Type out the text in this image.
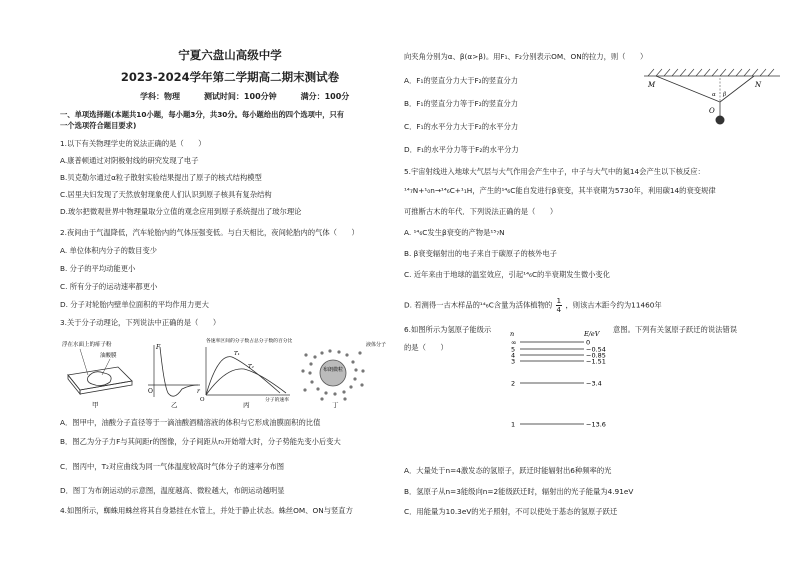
宁夏六盘山高级中学
2023-2024学年第二学期高二期末测试卷
学科：物理	测试时间：100分钟	满分：100分
一、单项选择题(本题共10小题，每小题3分，共30分。每小题给出的四个选项中，只有
一个选项符合题目要求)
1.以下有关物理学史的说法正确的是（　　）
A.康普顿通过对阴极射线的研究发现了电子
B.贝克勒尔通过α粒子散射实验结果提出了原子的核式结构模型
C.居里夫妇发现了天然放射现象使人们认识到原子核具有复杂结构
D.玻尔把微观世界中物理量取分立值的观念应用到原子系统提出了玻尔理论
2.夜间由于气温降低，汽车轮胎内的气体压强变低。与白天相比，夜间轮胎内的气体（　　）
A. 单位体积内分子的数目变少
B. 分子的平均动能更小
C. 所有分子的运动速率都更小
D. 分子对轮胎内壁单位面积的平均作用力更大
3.关于分子动理论，下列说法中正确的是（　　）
浮在水面上的痱子粉
油酸膜
甲
F
r
O
乙
各速率区间的分子数占总分子数的百分比
T₁
T₂
O	分子的速率
丙
布朗微粒
液体分子
丁
A．图甲中，油酸分子直径等于一滴油酸酒精溶液的体积与它形成油膜面积的比值
B．图乙为分子力F与其间距r的图像，分子间距从r₀开始增大时，分子势能先变小后变大
C．图丙中，T₂对应曲线为同一气体温度较高时气体分子的速率分布图
D．图丁为布朗运动的示意图，温度越高、微粒越大，布朗运动越明显
4.如图所示，蜘蛛用蛛丝将其自身悬挂在水管上，并处于静止状态。蛛丝OM、ON与竖直方
向夹角分别为α、β(α>β)。用F₁、F₂分别表示OM、ON的拉力，则（　　）
A．F₁的竖直分力大于F₂的竖直分力
B．F₁的竖直分力等于F₂的竖直分力
C．F₁的水平分力大于F₂的水平分力
D．F₁的水平分力等于F₂的水平分力
M	N
O
α β
5.宇宙射线进入地球大气层与大气作用会产生中子，中子与大气中的氮14会产生以下核反应：
¹⁴₇N+¹₀n→¹⁴₆C+¹₁H，产生的¹⁴₆C能自发进行β衰变，其半衰期为5730年，利用碳14的衰变规律
可推断古木的年代．下列说法正确的是（　　）
A. ¹⁴₆C发生β衰变的产物是¹⁵₇N
B. β衰变辐射出的电子来自于碳原子的核外电子
C. 近年来由于地球的温室效应，引起¹⁴₆C的半衰期发生微小变化
D. 若测得一古木样品的¹⁴₆C含量为活体植物的 $\frac{1}{4}$ ，则该古木距今约为11460年
6.如图所示为氢原子能级示	意图。下列有关氢原子跃迁的说法错误
的是（　　）
n	E/eV
∞	0
5	−0.54
4	−0.85
3	−1.51
2	−3.4
1	−13.6
A．大量处于n=4激发态的氢原子，跃迁时能辐射出6种频率的光
B．氢原子从n=3能级向n=2能级跃迁时，辐射出的光子能量为4.91eV
C．用能量为10.3eV的光子照射，不可以使处于基态的氢原子跃迁
